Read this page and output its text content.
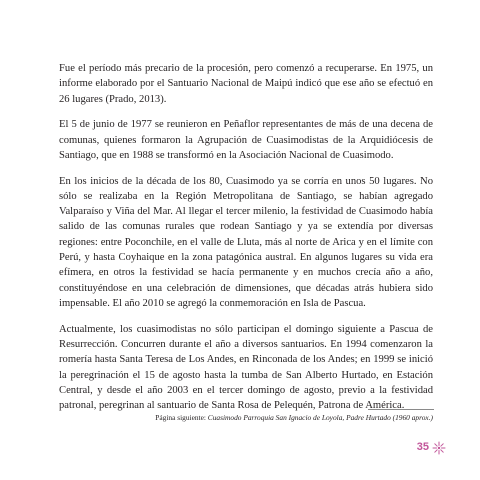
Fue el período más precario de la procesión, pero comenzó a recuperarse. En 1975, un informe elaborado por el Santuario Nacional de Maipú indicó que ese año se efectuó en 26 lugares (Prado, 2013).

El 5 de junio de 1977 se reunieron en Peñaflor representantes de más de una decena de comunas, quienes formaron la Agrupación de Cuasimodistas de la Arquidiócesis de Santiago, que en 1988 se transformó en la Asociación Nacional de Cuasimodo.

En los inicios de la década de los 80, Cuasimodo ya se corría en unos 50 lugares. No sólo se realizaba en la Región Metropolitana de Santiago, se habían agregado Valparaíso y Viña del Mar. Al llegar el tercer milenio, la festividad de Cuasimodo había salido de las comunas rurales que rodean Santiago y ya se extendía por diversas regiones: entre Poconchile, en el valle de Lluta, más al norte de Arica y en el límite con Perú, y hasta Coyhaique en la zona patagónica austral. En algunos lugares su vida era efímera, en otros la festividad se hacía permanente y en muchos crecía año a año, constituyéndose en una celebración de dimensiones, que décadas atrás hubiera sido impensable. El año 2010 se agregó la conmemoración en Isla de Pascua.

Actualmente, los cuasimodistas no sólo participan el domingo siguiente a Pascua de Resurrección. Concurren durante el año a diversos santuarios. En 1994 comenzaron la romería hasta Santa Teresa de Los Andes, en Rinconada de los Andes; en 1999 se inició la peregrinación el 15 de agosto hasta la tumba de San Alberto Hurtado, en Estación Central, y desde el año 2003 en el tercer domingo de agosto, previo a la festividad patronal, peregrinan al santuario de Santa Rosa de Pelequén, Patrona de América.

Página siguiente: Cuasimodo Parroquia San Ignacio de Loyola, Padre Hurtado (1960 aprox.)
35
